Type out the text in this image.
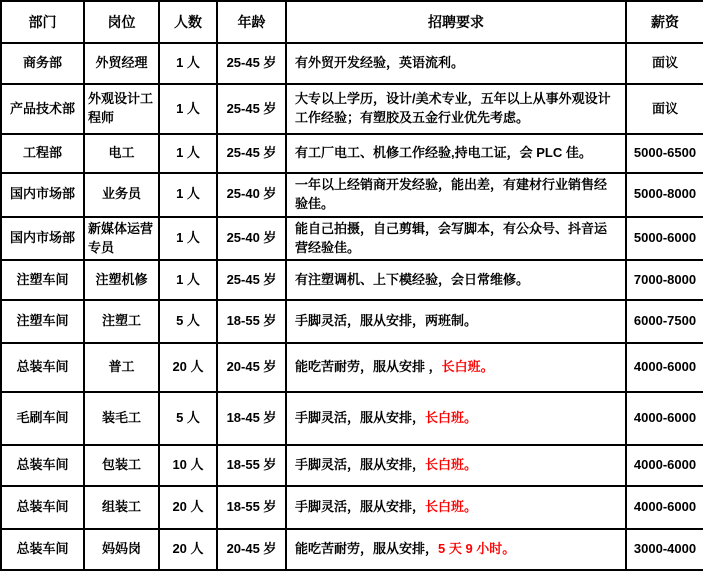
部门	岗位	人数	年龄	招聘要求	薪资
商务部	外贸经理	1 人	25-45 岁	有外贸开发经验，英语流利。	面议
产品技术部	外观设计工程师	1 人	25-45 岁	大专以上学历，设计/美术专业，五年以上从事外观设计工作经验；有塑胶及五金行业优先考虑。	面议
工程部	电工	1 人	25-45 岁	有工厂电工、机修工作经验,持电工证，会 PLC 佳。	5000-6500
国内市场部	业务员	1 人	25-40 岁	一年以上经销商开发经验，能出差，有建材行业销售经验佳。	5000-8000
国内市场部	新媒体运营专员	1 人	25-40 岁	能自己拍摄，自己剪辑，会写脚本，有公众号、抖音运营经验佳。	5000-6000
注塑车间	注塑机修	1 人	25-45 岁	有注塑调机、上下模经验，会日常维修。	7000-8000
注塑车间	注塑工	5 人	18-55 岁	手脚灵活，服从安排，两班制。	6000-7500
总装车间	普工	20 人	20-45 岁	能吃苦耐劳，服从安排 ，长白班。	4000-6000
毛刷车间	装毛工	5 人	18-45 岁	手脚灵活，服从安排，长白班。	4000-6000
总装车间	包装工	10 人	18-55 岁	手脚灵活，服从安排，长白班。	4000-6000
总装车间	组装工	20 人	18-55 岁	手脚灵活，服从安排，长白班。	4000-6000
总装车间	妈妈岗	20 人	20-45 岁	能吃苦耐劳，服从安排，5 天 9 小时。	3000-4000
